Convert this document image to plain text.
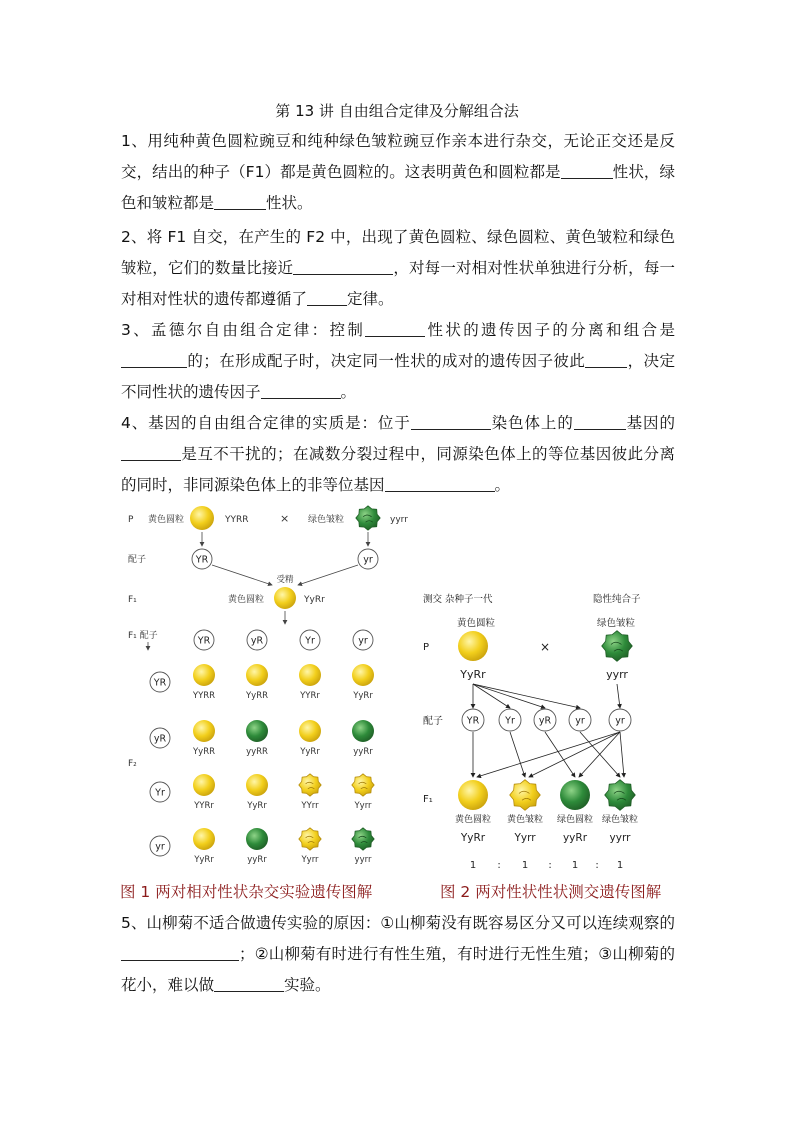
第 13 讲 自由组合定律及分解组合法
1、用纯种黄色圆粒豌豆和纯种绿色皱粒豌豆作亲本进行杂交，无论正交还是反交，结出的种子（F1）都是黄色圆粒的。这表明黄色和圆粒都是	性状，绿色和皱粒都是	性状。
2、将 F1 自交，在产生的 F2 中，出现了黄色圆粒、绿色圆粒、黄色皱粒和绿色皱粒，它们的数量比接近	，对每一对相对性状单独进行分析，每一对相对性状的遗传都遵循了	定律。
3、孟德尔自由组合定律：控制	性状的遗传因子的分离和组合是的；在形成配子时，决定同一性状的成对的遗传因子彼此	，决定不同性状的遗传因子	。
4、基因的自由组合定律的实质是：位于	染色体上的	基因的是互不干扰的；在减数分裂过程中，同源染色体上的等位基因彼此分离的同时，非同源染色体上的非等位基因	。
P 黄色圆粒	YYRR	× 绿色皱粒	yyrr
配子	YR	yr
受精
F₁	黄色圆粒	YyRr
F₁ 配子	YR	yR	Yr	yr
F₂
YR
YYRR	YyRR	YYRr	YyRr
yR
YyRR	yyRR	YyRr	yyRr
Yr
YYRr	YyRr	YYrr	Yyrr
yr
YyRr	yyRr	Yyrr	yyrr
测交 杂种子一代	隐性纯合子
黄色圆粒	绿色皱粒
P	×
YyRr	yyrr
配子	YR	Yr	yR	yr	yr
F₁
黄色圆粒
YyRr
黄色皱粒
Yyrr
绿色圆粒
yyRr
绿色皱粒
yyrr
1 : 1 : 1 : 1
图 1 两对相对性状杂交实验遗传图解	图 2 两对性状性状测交遗传图解
5、山柳菊不适合做遗传实验的原因：①山柳菊没有既容易区分又可以连续观察的；②山柳菊有时进行有性生殖，有时进行无性生殖；③山柳菊的花小，难以做	实验。
